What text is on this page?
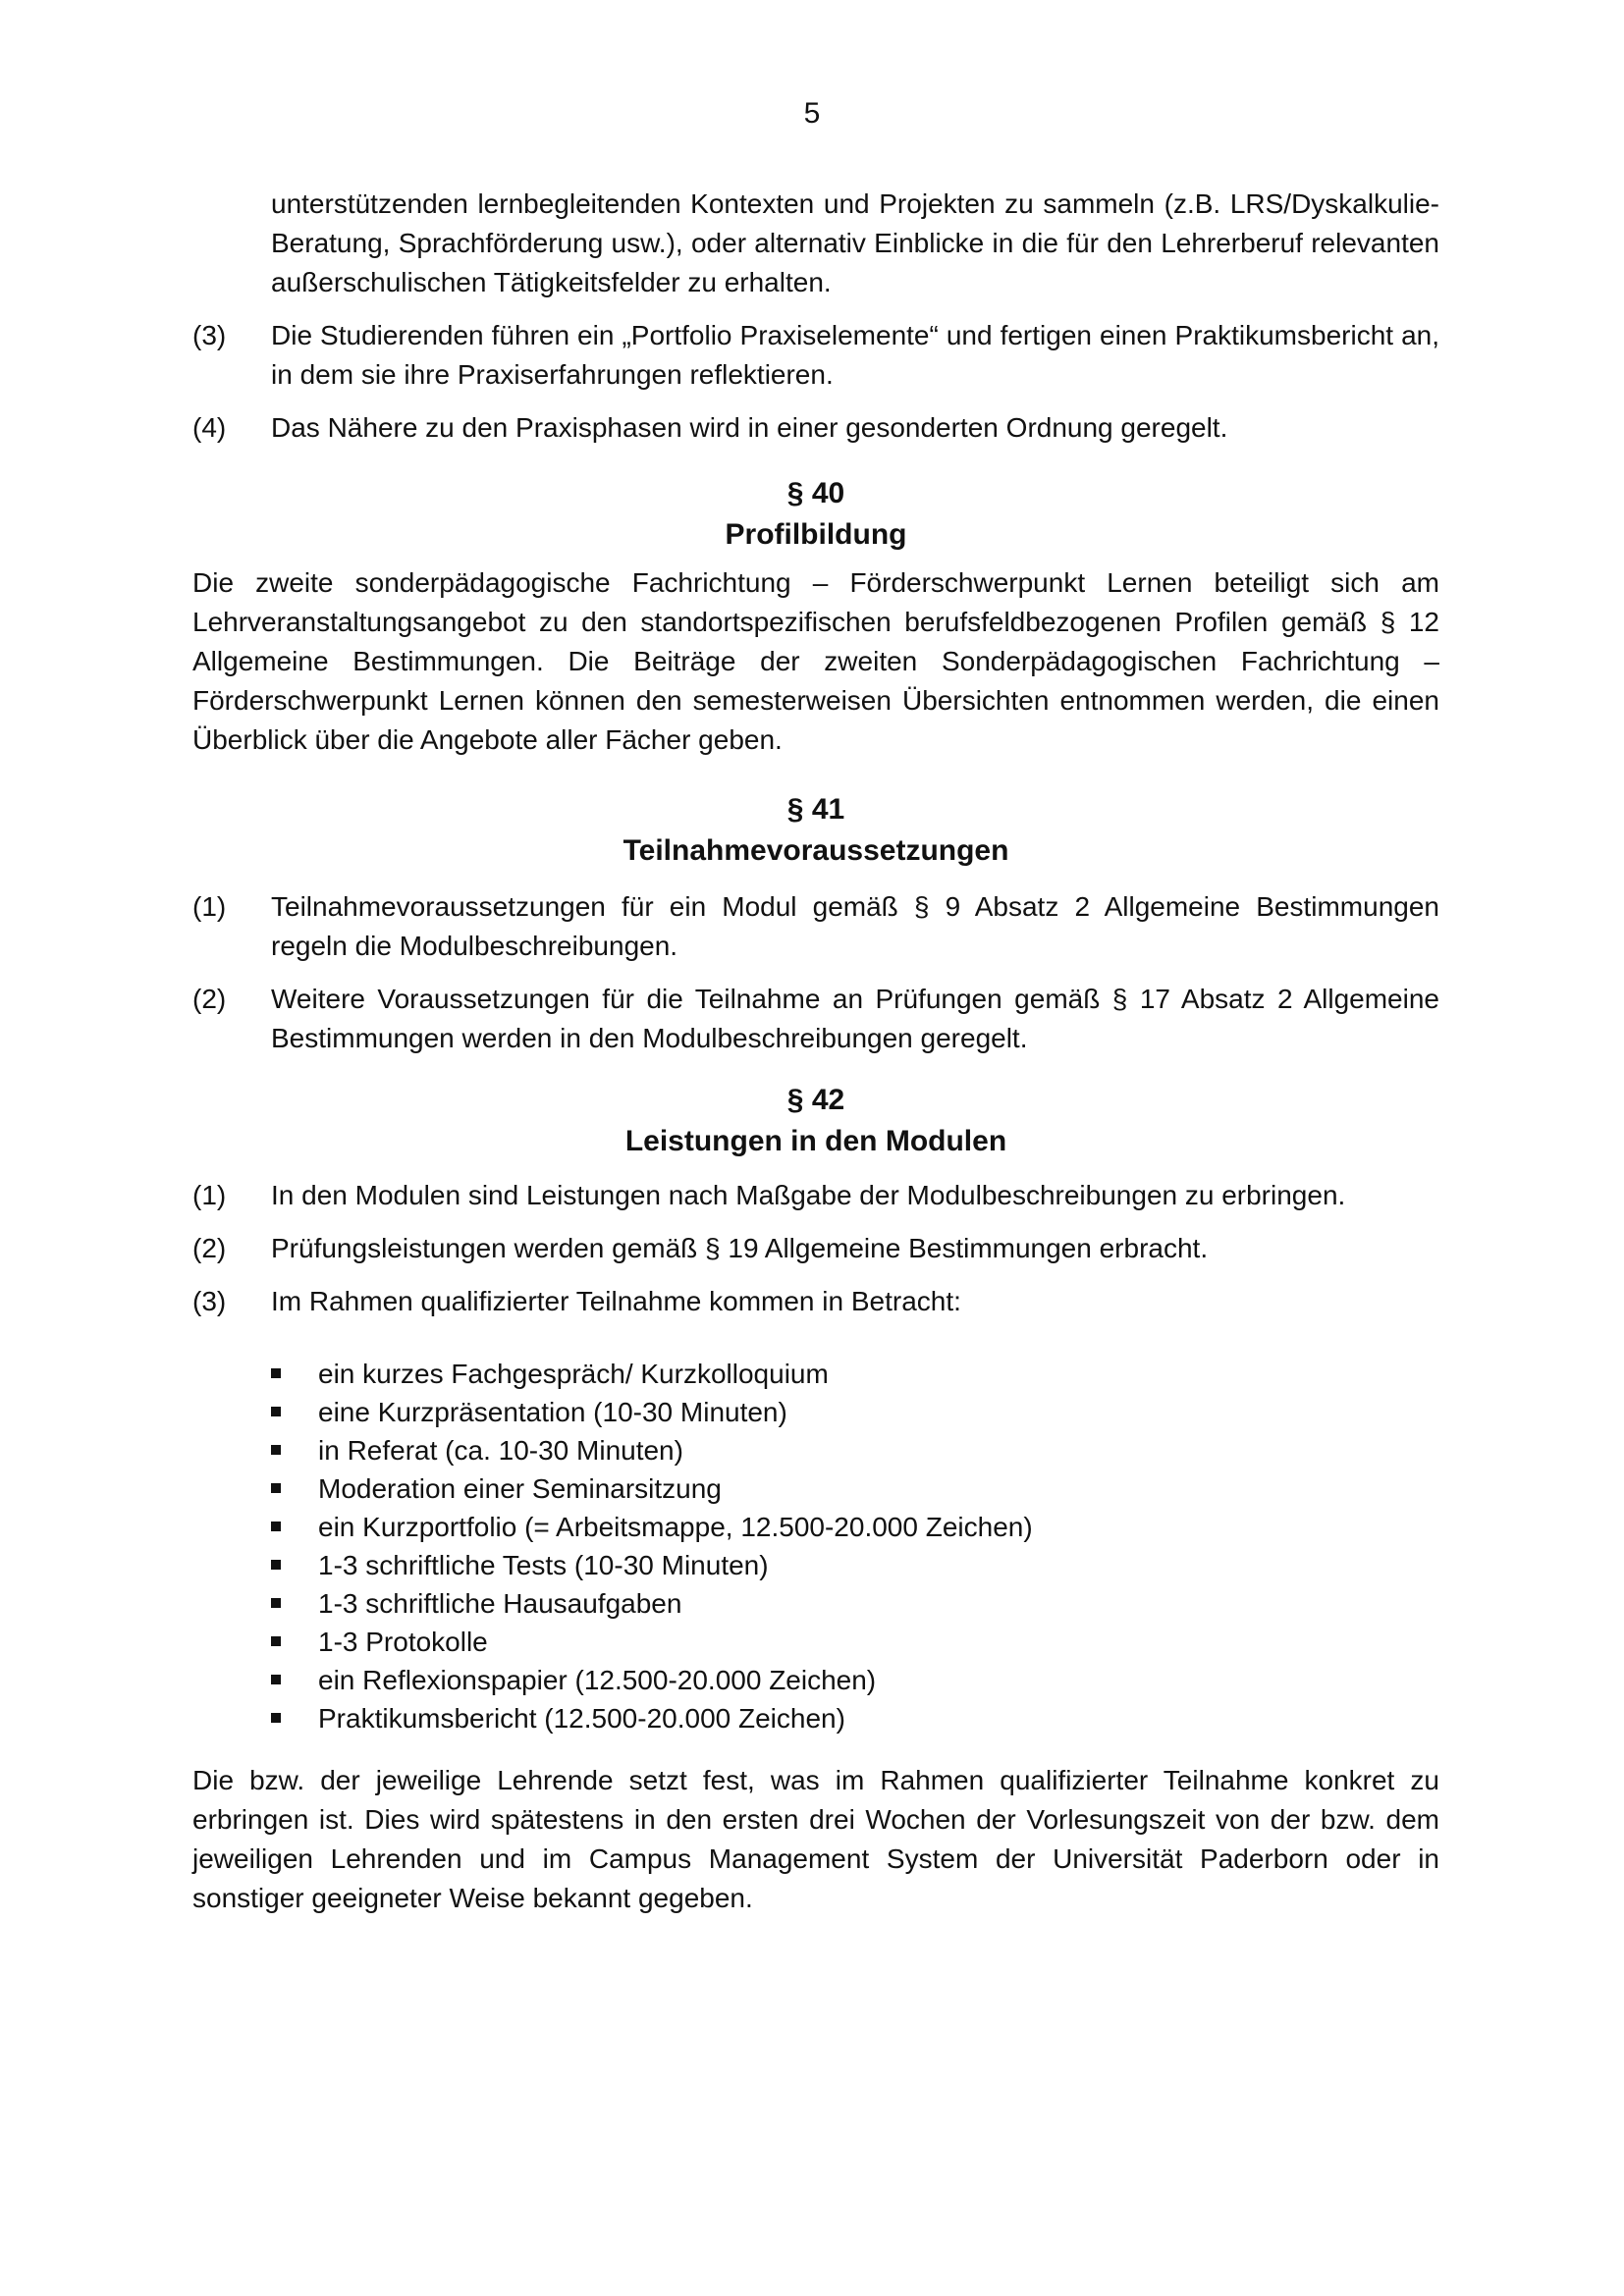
5
unterstützenden lernbegleitenden Kontexten und Projekten zu sammeln (z.B. LRS/Dyskalkulie-Beratung, Sprachförderung usw.), oder alternativ Einblicke in die für den Lehrerberuf relevanten außerschulischen Tätigkeitsfelder zu erhalten.
(3)	Die Studierenden führen ein „Portfolio Praxiselemente“ und fertigen einen Praktikumsbericht an, in dem sie ihre Praxiserfahrungen reflektieren.
(4)	Das Nähere zu den Praxisphasen wird in einer gesonderten Ordnung geregelt.
§ 40
Profilbildung
Die zweite sonderpädagogische Fachrichtung – Förderschwerpunkt Lernen beteiligt sich am Lehrveranstaltungsangebot zu den standortspezifischen berufsfeldbezogenen Profilen gemäß § 12 Allgemeine Bestimmungen. Die Beiträge der zweiten Sonderpädagogischen Fachrichtung – Förderschwerpunkt Lernen können den semesterweisen Übersichten entnommen werden, die einen Überblick über die Angebote aller Fächer geben.
§ 41
Teilnahmevoraussetzungen
(1)	Teilnahmevoraussetzungen für ein Modul gemäß § 9 Absatz 2 Allgemeine Bestimmungen regeln die Modulbeschreibungen.
(2)	Weitere Voraussetzungen für die Teilnahme an Prüfungen gemäß § 17 Absatz 2 Allgemeine Bestimmungen werden in den Modulbeschreibungen geregelt.
§ 42
Leistungen in den Modulen
(1)	In den Modulen sind Leistungen nach Maßgabe der Modulbeschreibungen zu erbringen.
(2)	Prüfungsleistungen werden gemäß § 19 Allgemeine Bestimmungen erbracht.
(3)	Im Rahmen qualifizierter Teilnahme kommen in Betracht:
ein kurzes Fachgespräch/ Kurzkolloquium
eine Kurzpräsentation (10-30 Minuten)
in Referat (ca. 10-30 Minuten)
Moderation einer Seminarsitzung
ein Kurzportfolio (= Arbeitsmappe, 12.500-20.000 Zeichen)
1-3 schriftliche Tests (10-30 Minuten)
1-3 schriftliche Hausaufgaben
1-3 Protokolle
ein Reflexionspapier (12.500-20.000 Zeichen)
Praktikumsbericht (12.500-20.000 Zeichen)
Die bzw. der jeweilige Lehrende setzt fest, was im Rahmen qualifizierter Teilnahme konkret zu erbringen ist. Dies wird spätestens in den ersten drei Wochen der Vorlesungszeit von der bzw. dem jeweiligen Lehrenden und im Campus Management System der Universität Paderborn oder in sonstiger geeigneter Weise bekannt gegeben.
